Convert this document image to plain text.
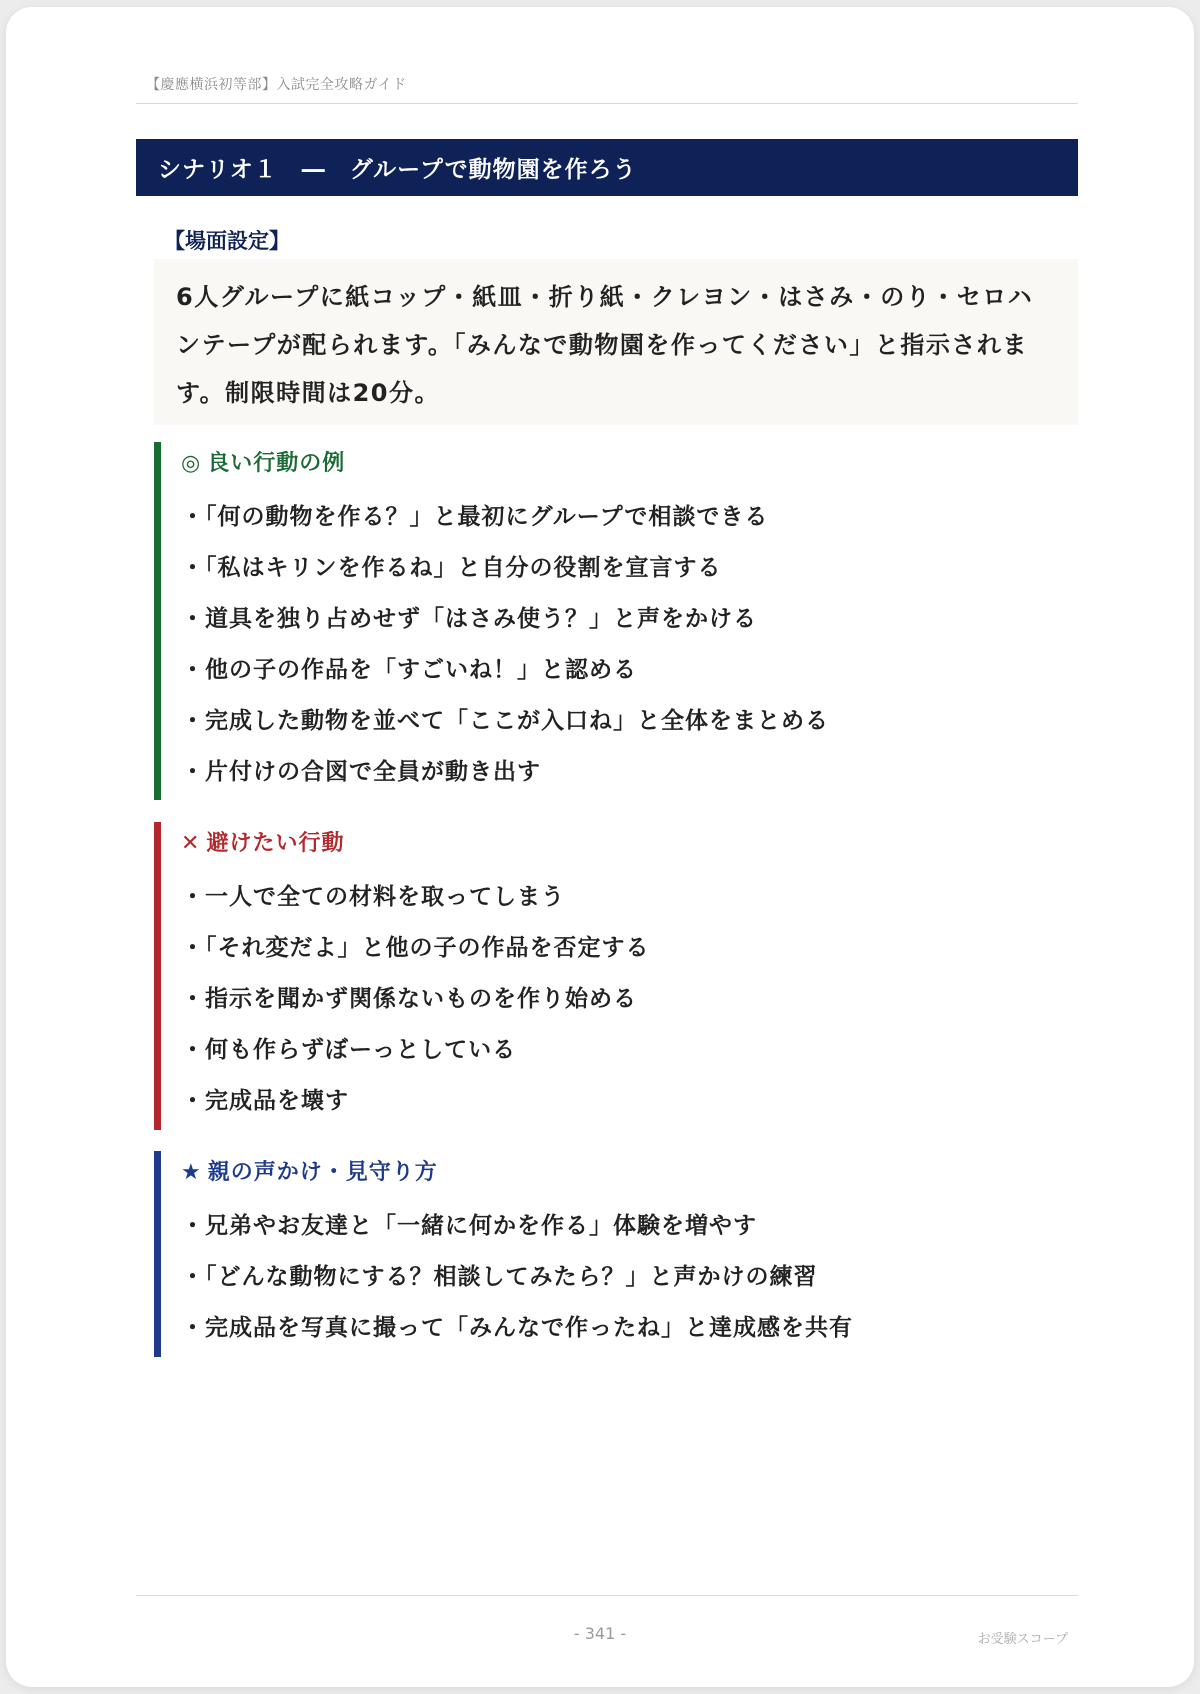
【慶應横浜初等部】入試完全攻略ガイド
シナリオ１　―　グループで動物園を作ろう
【場面設定】

6人グループに紙コップ・紙皿・折り紙・クレヨン・はさみ・のり・セロハンテープが配られます。「みんなで動物園を作ってください」と指示されます。制限時間は20分。

◎ 良い行動の例
・「何の動物を作る？」と最初にグループで相談できる
・「私はキリンを作るね」と自分の役割を宣言する
・道具を独り占めせず「はさみ使う？」と声をかける
・他の子の作品を「すごいね！」と認める
・完成した動物を並べて「ここが入口ね」と全体をまとめる
・片付けの合図で全員が動き出す
✕ 避けたい行動
・一人で全ての材料を取ってしまう
・「それ変だよ」と他の子の作品を否定する
・指示を聞かず関係ないものを作り始める
・何も作らずぼーっとしている
・完成品を壊す
★ 親の声かけ・見守り方
・兄弟やお友達と「一緒に何かを作る」体験を増やす
・「どんな動物にする？相談してみたら？」と声かけの練習
・完成品を写真に撮って「みんなで作ったね」と達成感を共有
- 341 -	お受験スコープ
